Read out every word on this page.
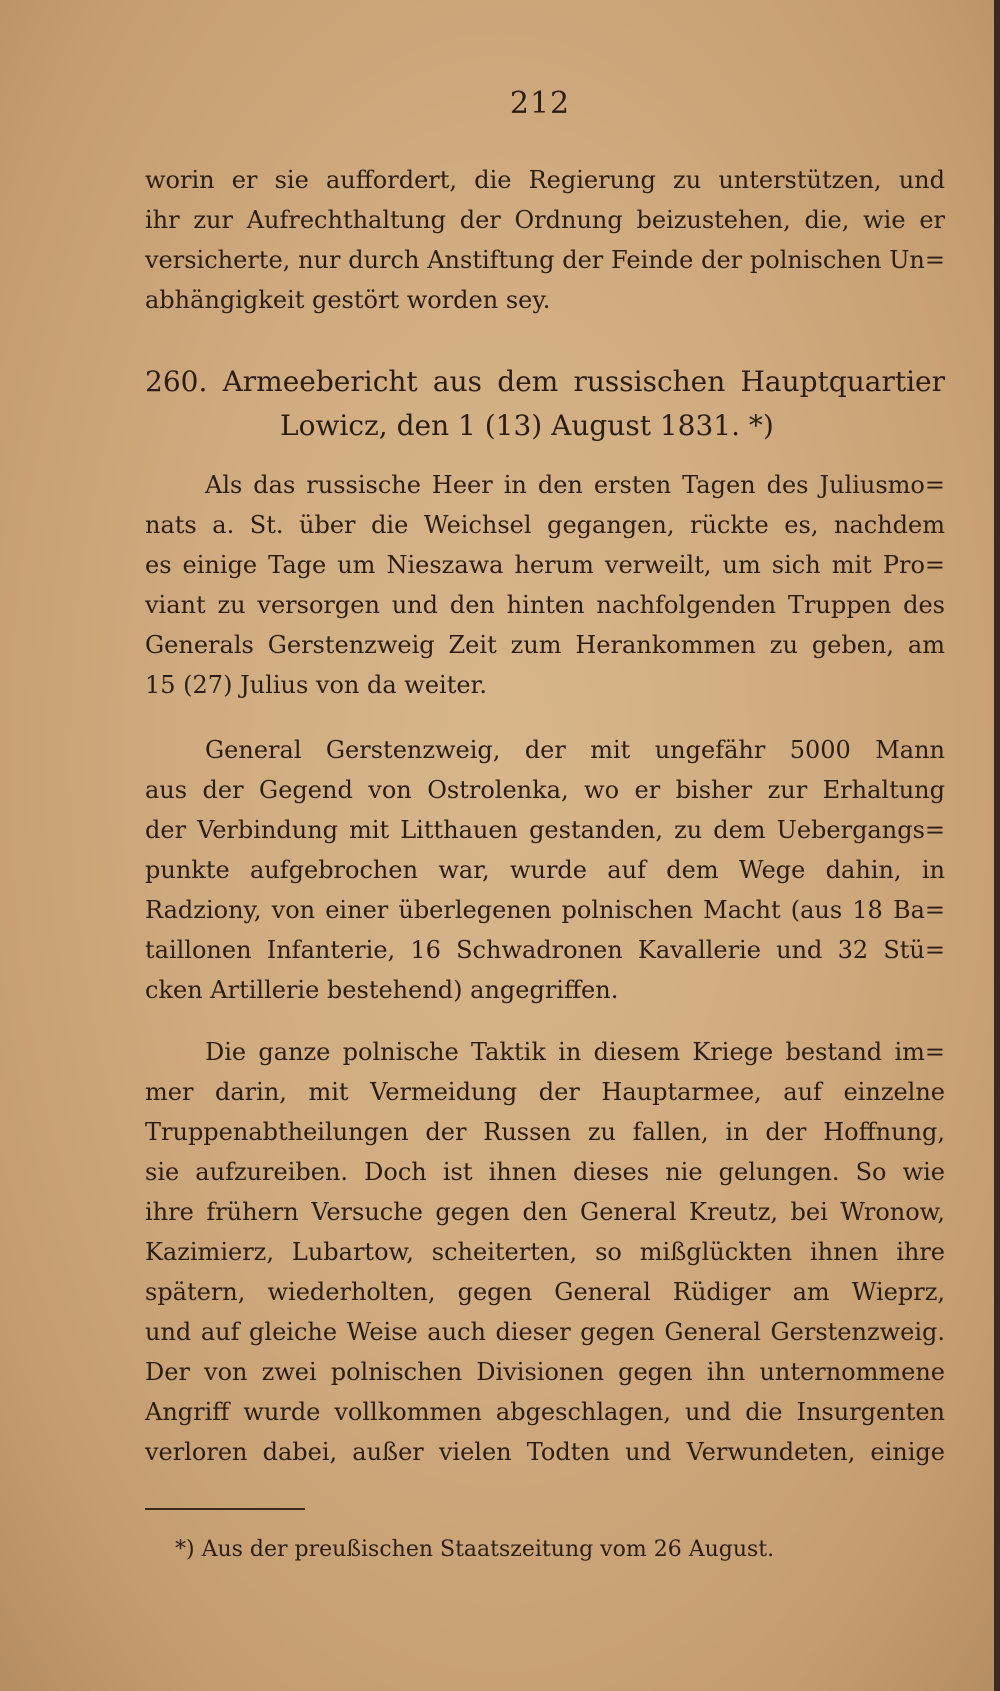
212
worin er sie auffordert, die Regierung zu unterstützen, und
ihr zur Aufrechthaltung der Ordnung beizustehen, die, wie er
versicherte, nur durch Anstiftung der Feinde der polnischen Un=
abhängigkeit gestört worden sey.
260. Armeebericht aus dem russischen Hauptquartier
Lowicz, den 1 (13) August 1831. *)
Als das russische Heer in den ersten Tagen des Juliusmo=
nats a. St. über die Weichsel gegangen, rückte es, nachdem
es einige Tage um Nieszawa herum verweilt, um sich mit Pro=
viant zu versorgen und den hinten nachfolgenden Truppen des
Generals Gerstenzweig Zeit zum Herankommen zu geben, am
15 (27) Julius von da weiter.
General Gerstenzweig, der mit ungefähr 5000 Mann
aus der Gegend von Ostrolenka, wo er bisher zur Erhaltung
der Verbindung mit Litthauen gestanden, zu dem Uebergangs=
punkte aufgebrochen war, wurde auf dem Wege dahin, in
Radziony, von einer überlegenen polnischen Macht (aus 18 Ba=
taillonen Infanterie, 16 Schwadronen Kavallerie und 32 Stü=
cken Artillerie bestehend) angegriffen.
Die ganze polnische Taktik in diesem Kriege bestand im=
mer darin, mit Vermeidung der Hauptarmee, auf einzelne
Truppenabtheilungen der Russen zu fallen, in der Hoffnung,
sie aufzureiben. Doch ist ihnen dieses nie gelungen. So wie
ihre frühern Versuche gegen den General Kreutz, bei Wronow,
Kazimierz, Lubartow, scheiterten, so mißglückten ihnen ihre
spätern, wiederholten, gegen General Rüdiger am Wieprz,
und auf gleiche Weise auch dieser gegen General Gerstenzweig.
Der von zwei polnischen Divisionen gegen ihn unternommene
Angriff wurde vollkommen abgeschlagen, und die Insurgenten
verloren dabei, außer vielen Todten und Verwundeten, einige
*) Aus der preußischen Staatszeitung vom 26 August.
